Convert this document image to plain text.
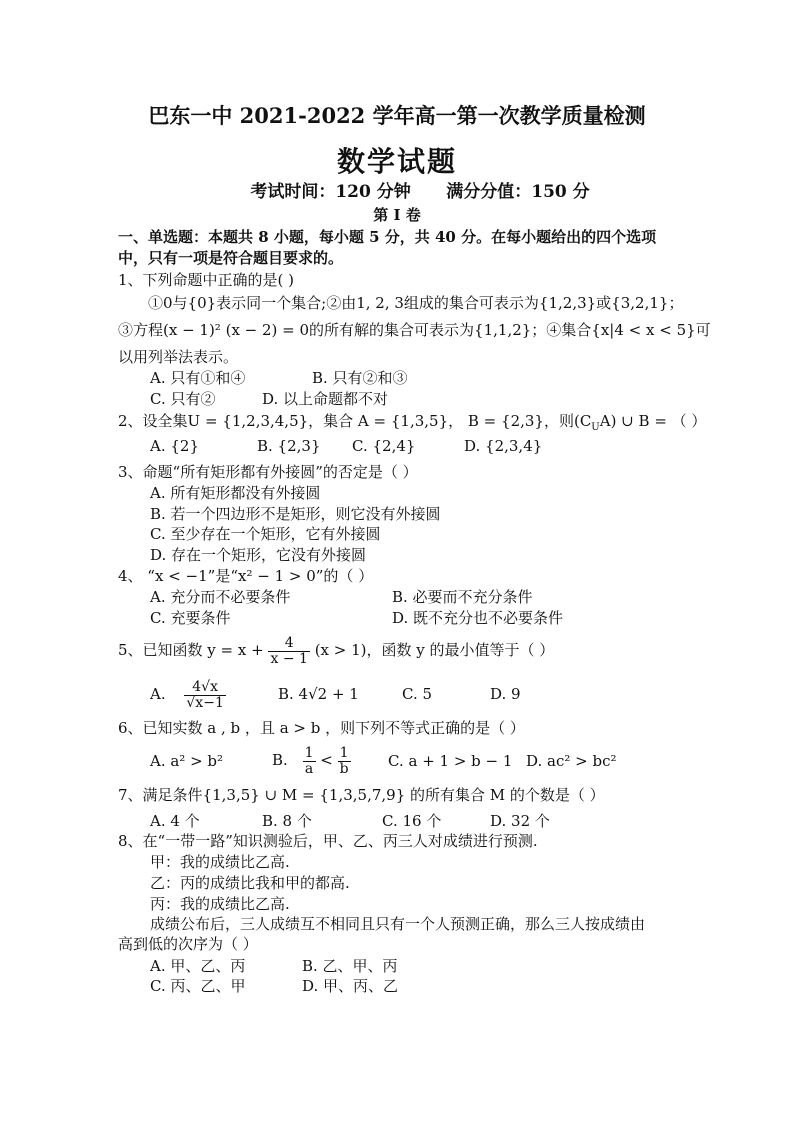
巴东一中 2021-2022 学年高一第一次教学质量检测
数学试题
考试时间：120 分钟      满分分值：150 分
第 I 卷
一、单选题：本题共 8 小题，每小题 5 分，共 40 分。在每小题给出的四个选项
中，只有一项是符合题目要求的。
1、下列命题中正确的是( )
①0与{0}表示同一个集合;②由1, 2, 3组成的集合可表示为{1,2,3}或{3,2,1}；
③方程(x − 1)² (x − 2) = 0的所有解的集合可表示为{1,1,2}；④集合{x|4 < x < 5}可
以用列举法表示。
A. 只有①和④	B. 只有②和③
C. 只有②	D. 以上命题都不对
2、设全集U = {1,2,3,4,5}，集合 A = {1,3,5}， B = {2,3}，则$(C_UA)$ ∪ B = （ ）
A. {2}	B. {2,3} C. {2,4}	D. {2,3,4}
3、命题“所有矩形都有外接圆”的否定是（ ）
A. 所有矩形都没有外接圆
B. 若一个四边形不是矩形，则它没有外接圆
C. 至少存在一个矩形，它有外接圆
D. 存在一个矩形，它没有外接圆
4、 “x < −1”是“x² − 1 > 0”的（ ）
A. 充分而不必要条件	B. 必要而不充分条件
C. 充要条件	D. 既不充分也不必要条件
5、已知函数 $y = x + \frac{4}{x - 1} (x > 1)$，函数 y 的最小值等于（ ）
A. $\frac{4√x}{√x-1}$	B. 4√2 + 1	C. 5	D. 9
6、已知实数 a , b ，且 a > b ，则下列不等式正确的是（ ）
A. a² > b²	B. $\frac{1}{a} < \frac{1}{b} C$. a + 1 > b − 1 D. ac² > bc²
7、满足条件{1,3,5} ∪ M = {1,3,5,7,9} 的所有集合 M 的个数是（ ）
A. 4 个	B. 8 个	C. 16 个	D. 32 个
8、在“一带一路”知识测验后，甲、乙、丙三人对成绩进行预测.
甲：我的成绩比乙高.
乙：丙的成绩比我和甲的都高.
丙：我的成绩比乙高.
成绩公布后，三人成绩互不相同且只有一个人预测正确，那么三人按成绩由
高到低的次序为（ ）
A. 甲、乙、丙	B. 乙、甲、丙
C. 丙、乙、甲	D. 甲、丙、乙
